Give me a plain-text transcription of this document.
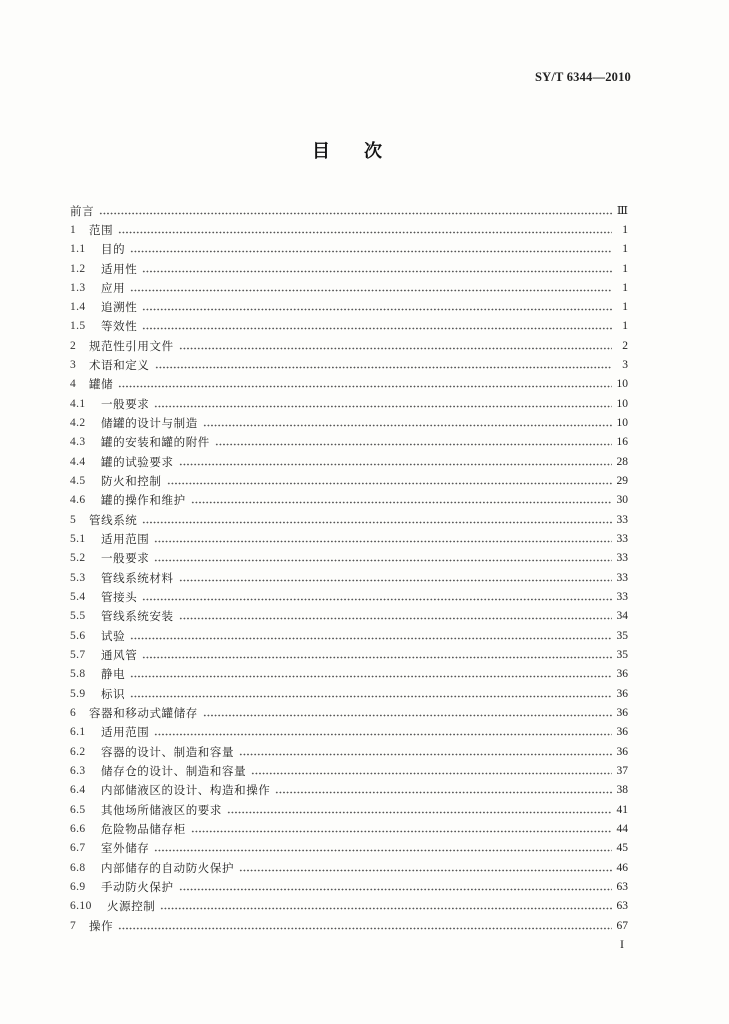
SY/T 6344—2010
目　次
前言	Ⅲ
1	范围	1
1.1	目的	1
1.2	适用性	1
1.3	应用	1
1.4	追溯性	1
1.5	等效性	1
2	规范性引用文件	2
3	术语和定义	3
4	罐储	10
4.1	一般要求	10
4.2	储罐的设计与制造	10
4.3	罐的安装和罐的附件	16
4.4	罐的试验要求	28
4.5	防火和控制	29
4.6	罐的操作和维护	30
5	管线系统	33
5.1	适用范围	33
5.2	一般要求	33
5.3	管线系统材料	33
5.4	管接头	33
5.5	管线系统安装	34
5.6	试验	35
5.7	通风管	35
5.8	静电	36
5.9	标识	36
6	容器和移动式罐储存	36
6.1	适用范围	36
6.2	容器的设计、制造和容量	36
6.3	储存仓的设计、制造和容量	37
6.4	内部储液区的设计、构造和操作	38
6.5	其他场所储液区的要求	41
6.6	危险物品储存柜	44
6.7	室外储存	45
6.8	内部储存的自动防火保护	46
6.9	手动防火保护	63
6.10	火源控制	63
7	操作	67
I
